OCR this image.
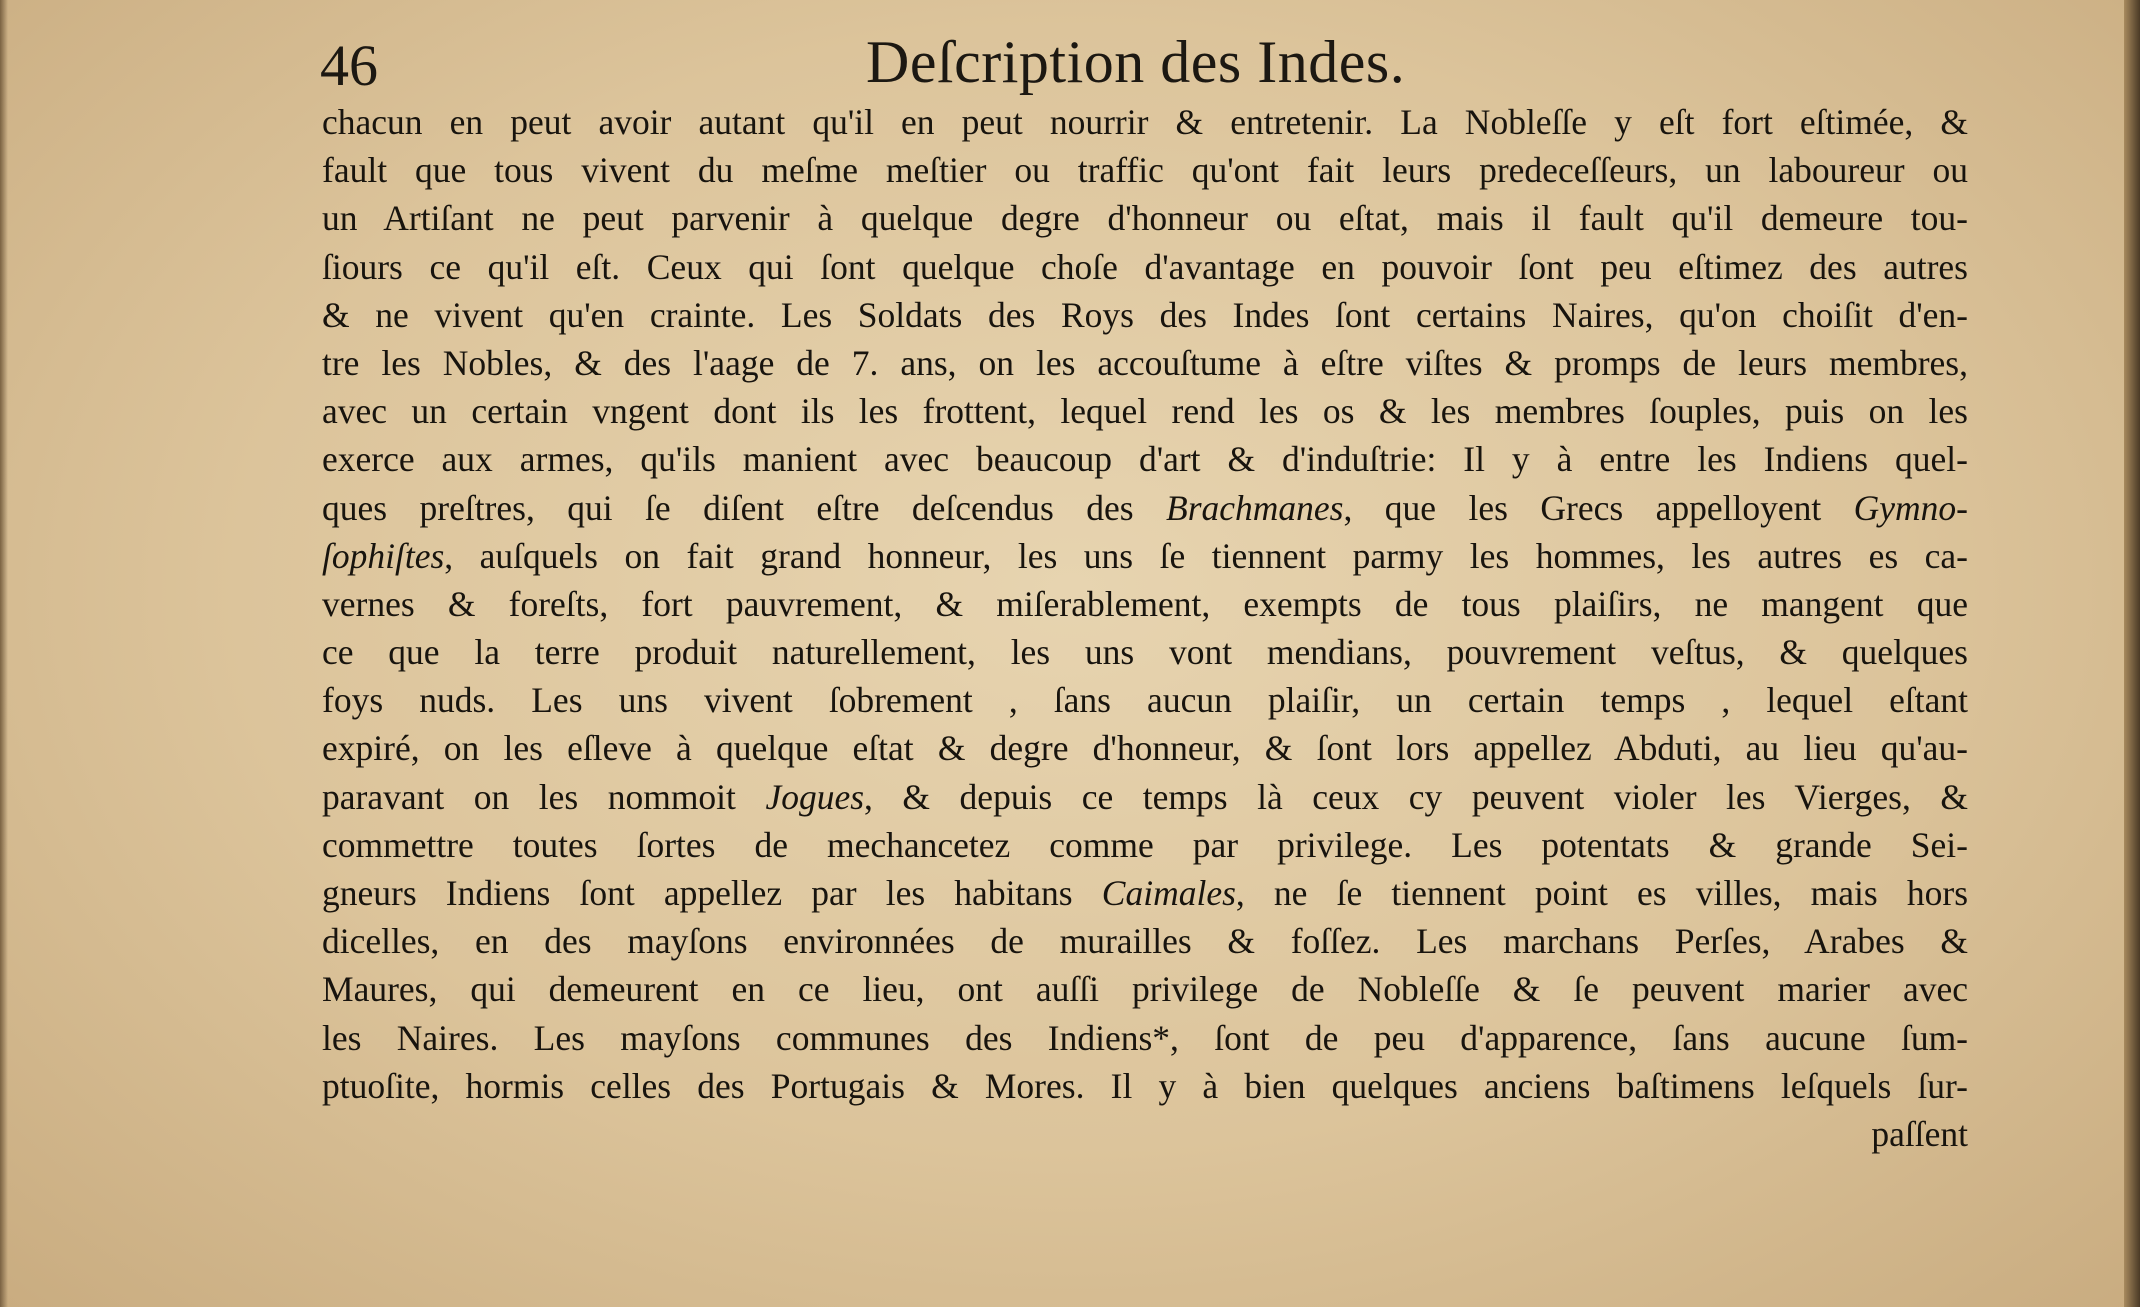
46	Deſcription des Indes.
chacun en peut avoir autant qu'il en peut nourrir & entretenir. La Nobleſſe y eſt fort eſtimée, &
fault que tous vivent du meſme meſtier ou traffic qu'ont fait leurs predeceſſeurs, un laboureur ou
un Artiſant ne peut parvenir à quelque degre d'honneur ou eſtat, mais il fault qu'il demeure tou-
ſiours ce qu'il eſt. Ceux qui ſont quelque choſe d'avantage en pouvoir ſont peu eſtimez des autres
& ne vivent qu'en crainte. Les Soldats des Roys des Indes ſont certains Naires, qu'on choiſit d'en-
tre les Nobles, & des l'aage de 7. ans, on les accouſtume à eſtre viſtes & promps de leurs membres,
avec un certain vngent dont ils les frottent, lequel rend les os & les membres ſouples, puis on les
exerce aux armes, qu'ils manient avec beaucoup d'art & d'induſtrie: Il y à entre les Indiens quel-
ques preſtres, qui ſe diſent eſtre deſcendus des Brachmanes, que les Grecs appelloyent Gymno-
ſophiſtes, auſquels on fait grand honneur, les uns ſe tiennent parmy les hommes, les autres es ca-
vernes & foreſts, fort pauvrement, & miſerablement, exempts de tous plaiſirs, ne mangent que
ce que la terre produit naturellement, les uns vont mendians, pouvrement veſtus, & quelques
foys nuds. Les uns vivent ſobrement , ſans aucun plaiſir, un certain temps , lequel eſtant
expiré, on les eſleve à quelque eſtat & degre d'honneur, & ſont lors appellez Abduti, au lieu qu'au-
paravant on les nommoit Jogues, & depuis ce temps là ceux cy peuvent violer les Vierges, &
commettre toutes ſortes de mechancetez comme par privilege. Les potentats & grande Sei-
gneurs Indiens ſont appellez par les habitans Caimales, ne ſe tiennent point es villes, mais hors
dicelles, en des mayſons environnées de murailles & foſſez. Les marchans Perſes, Arabes &
Maures, qui demeurent en ce lieu, ont auſſi privilege de Nobleſſe & ſe peuvent marier avec
les Naires. Les mayſons communes des Indiens*, ſont de peu d'apparence, ſans aucune ſum-
ptuoſite, hormis celles des Portugais & Mores. Il y à bien quelques anciens baſtimens leſquels ſur-
paſſent
